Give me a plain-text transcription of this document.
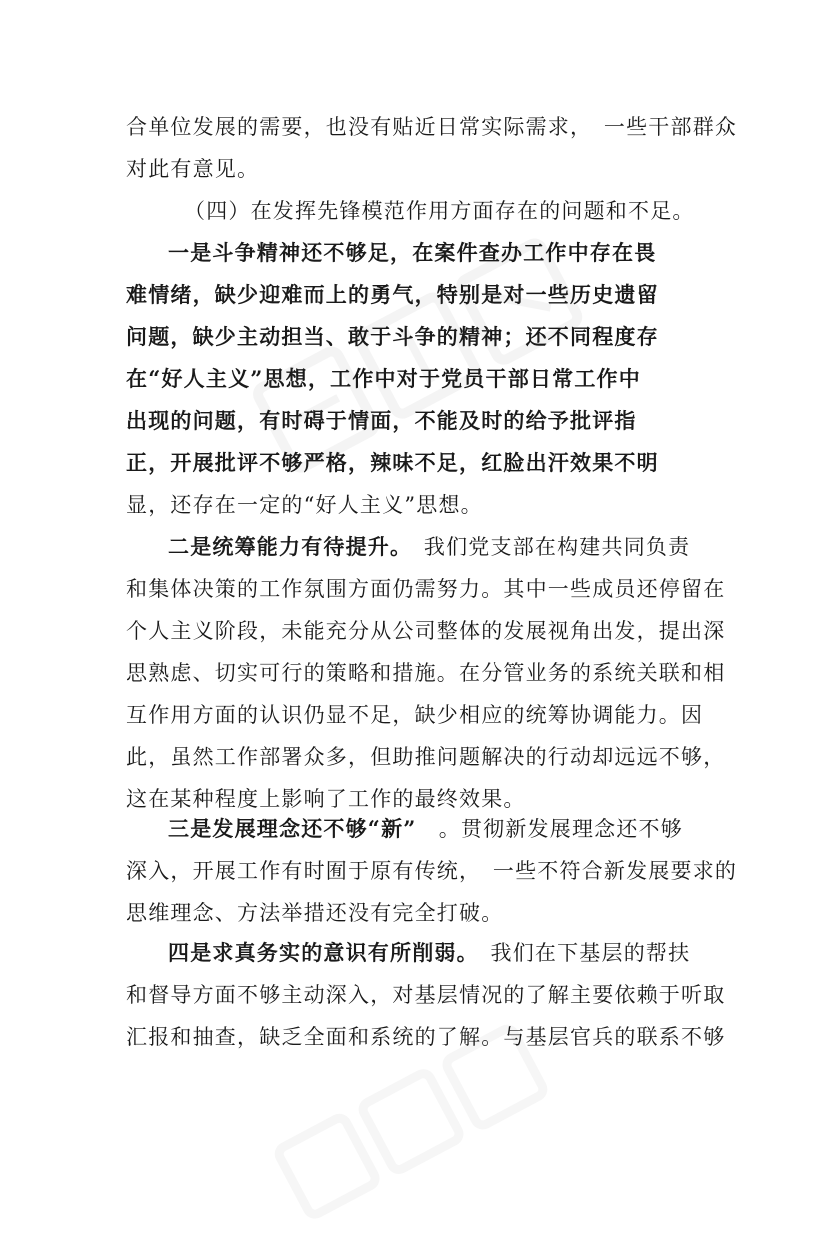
合单位发展的需要，也没有贴近日常实际需求，　一些干部群众
对此有意见。
（四）在发挥先锋模范作用方面存在的问题和不足。
一是斗争精神还不够足，在案件查办工作中存在畏
难情绪，缺少迎难而上的勇气，特别是对一些历史遗留
问题，缺少主动担当、敢于斗争的精神；还不同程度存
在“好人主义”思想，工作中对于党员干部日常工作中
出现的问题，有时碍于情面，不能及时的给予批评指
正，开展批评不够严格，辣味不足，红脸出汗效果不明
显，还存在一定的“好人主义”思想。
二是统筹能力有待提升。　我们党支部在构建共同负责
和集体决策的工作氛围方面仍需努力。其中一些成员还停留在
个人主义阶段，未能充分从公司整体的发展视角出发，提出深
思熟虑、切实可行的策略和措施。在分管业务的系统关联和相
互作用方面的认识仍显不足，缺少相应的统筹协调能力。因
此，虽然工作部署众多，但助推问题解决的行动却远远不够，
这在某种程度上影响了工作的最终效果。
三是发展理念还不够“新”　。贯彻新发展理念还不够
深入，开展工作有时囿于原有传统，　一些不符合新发展要求的
思维理念、方法举措还没有完全打破。
四是求真务实的意识有所削弱。　我们在下基层的帮扶
和督导方面不够主动深入，对基层情况的了解主要依赖于听取
汇报和抽查，缺乏全面和系统的了解。与基层官兵的联系不够
